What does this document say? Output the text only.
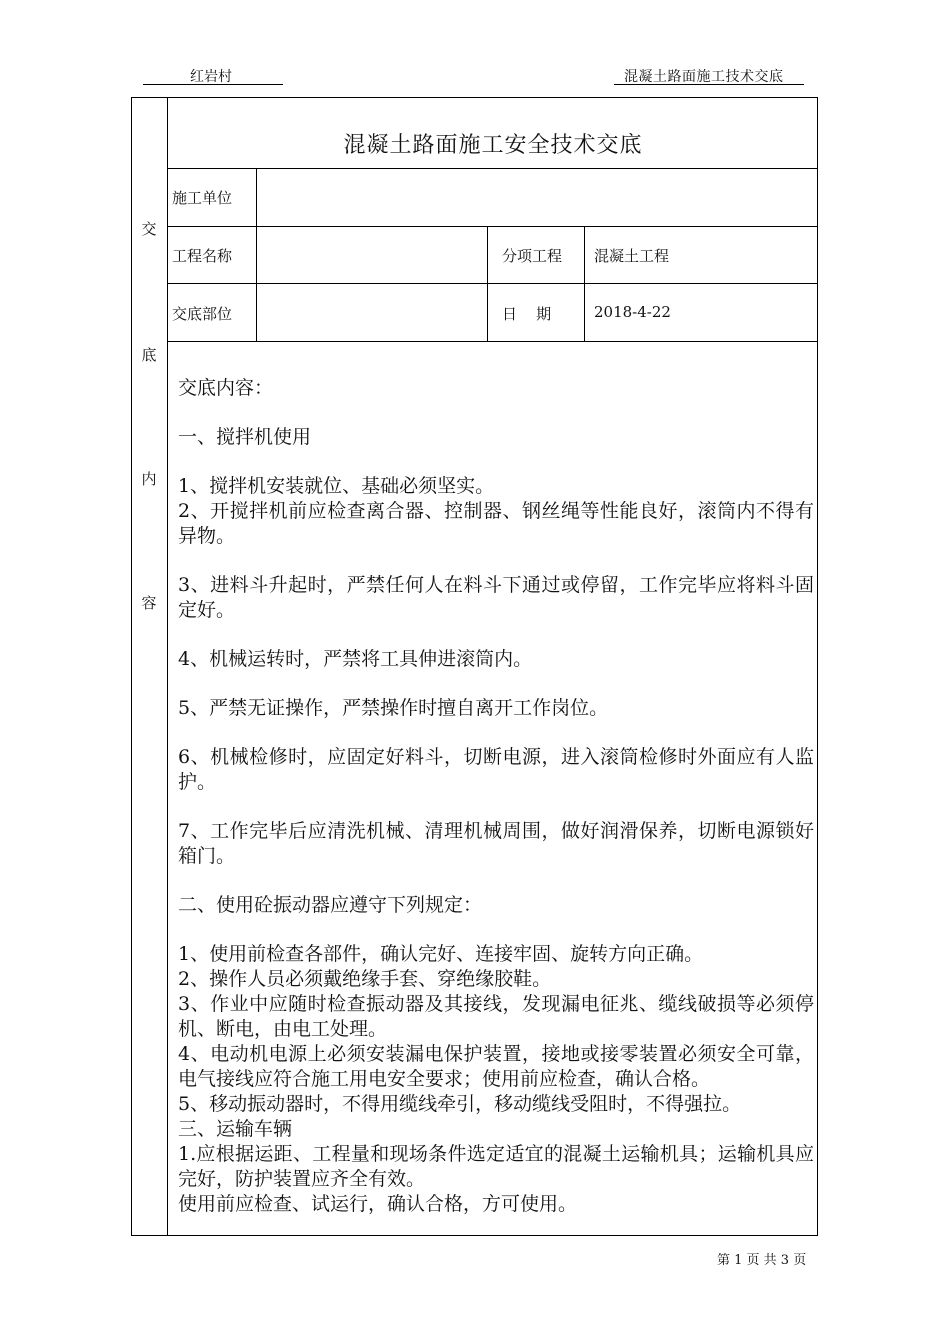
红岩村	混凝土路面施工技术交底
交
底
内
容
混凝土路面施工安全技术交底
施工单位
工程名称	分项工程 混凝土工程
交底部位	日    期	2018-4-22

交底内容：

一、搅拌机使用

1、搅拌机安装就位、基础必须坚实。

2、开搅拌机前应检查离合器、控制器、钢丝绳等性能良好，滚筒内不得有异物。

3、进料斗升起时，严禁任何人在料斗下通过或停留，工作完毕应将料斗固定好。

4、机械运转时，严禁将工具伸进滚筒内。

5、严禁无证操作，严禁操作时擅自离开工作岗位。

6、机械检修时，应固定好料斗，切断电源，进入滚筒检修时外面应有人监护。

7、工作完毕后应清洗机械、清理机械周围，做好润滑保养，切断电源锁好箱门。

二、使用砼振动器应遵守下列规定：

1、使用前检查各部件，确认完好、连接牢固、旋转方向正确。

2、操作人员必须戴绝缘手套、穿绝缘胶鞋。

3、作业中应随时检查振动器及其接线，发现漏电征兆、缆线破损等必须停机、断电，由电工处理。

4、电动机电源上必须安装漏电保护装置，接地或接零装置必须安全可靠，电气接线应符合施工用电安全要求；使用前应检查，确认合格。

5、移动振动器时，不得用缆线牵引，移动缆线受阻时，不得强拉。

三、运输车辆

1.应根据运距、工程量和现场条件选定适宜的混凝土运输机具；运输机具应完好，防护装置应齐全有效。

使用前应检查、试运行，确认合格，方可使用。

第 1 页 共 3 页
